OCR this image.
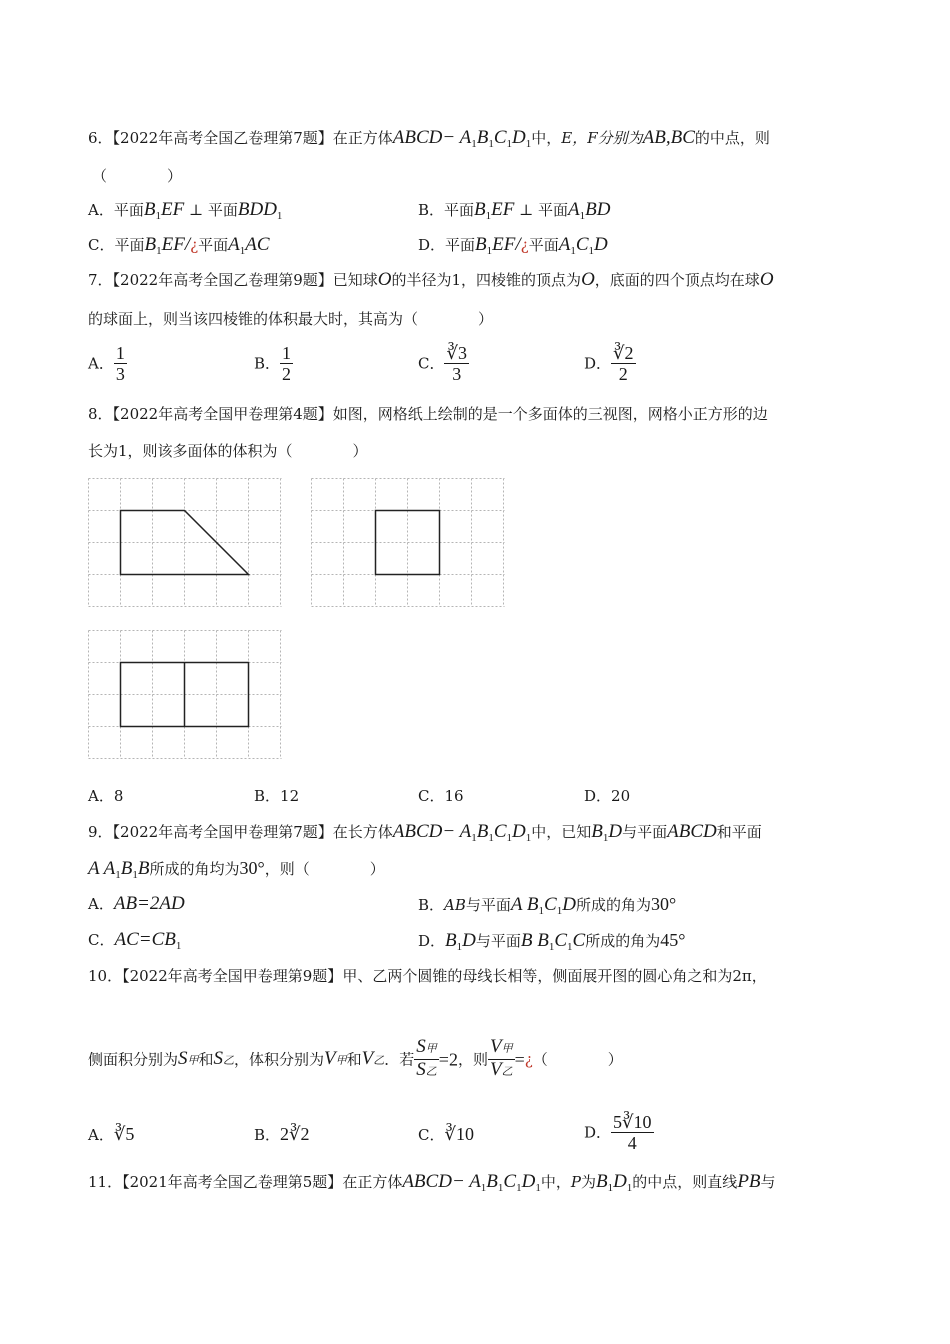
6．【2022年高考全国乙卷理第7题】在正方体ABCD− $A_1B_1C_1D_1$中，E，F分别为AB,BC的中点，则
（　　　　）
A．平面$B_1EF$ ⊥ 平面$BDD_1$	B．平面$B_1EF$ ⊥ 平面$A_1BD$
C．平面$B_1EF/¿$平面$A_1AC$	D．平面$B_1EF/¿$平面$A_1C_1D$
7．【2022年高考全国乙卷理第9题】已知球O的半径为1，四棱锥的顶点为O，底面的四个顶点均在球O
的球面上，则当该四棱锥的体积最大时，其高为（　　　　）
A． $\frac{1}{3}$	B． $\frac{1}{2}$	C． $\frac{∛3}{3}$	D． $\frac{∛2}{2}$
8．【2022年高考全国甲卷理第4题】如图，网格纸上绘制的是一个多面体的三视图，网格小正方形的边
长为1，则该多面体的体积为（　　　　）
A．8	B．12	C．16	D．20
9．【2022年高考全国甲卷理第7题】在长方体ABCD− $A_1B_1C_1D_1$中，已知$B_1D$与平面ABCD和平面
A $A_1B_1B$所成的角均为30°，则（　　　　）
A．AB=2AD	B．AB与平面A $B_1C_1D$所成的角为30°
C．$AC=CB_1$	D．$B_1D$与平面B $B_1C_1C$所成的角为45°
10．【2022年高考全国甲卷理第9题】甲、乙两个圆锥的母线长相等，侧面展开图的圆心角之和为2π，
侧面积分别为S甲和S乙，体积分别为V甲和V乙．若 $\frac{\text{S甲}}{\text{S乙}} =2$，则 $\frac{\text{V甲}}{\text{V乙}}$ =¿（　　　　）
A．∛5	B．2∛2	C．∛10	D． $\frac{5∛10}{4}$
11．【2021年高考全国乙卷理第5题】在正方体ABCD− $A_1B_1C_1D_1$中，P为$B_1D_1$的中点，则直线PB与
